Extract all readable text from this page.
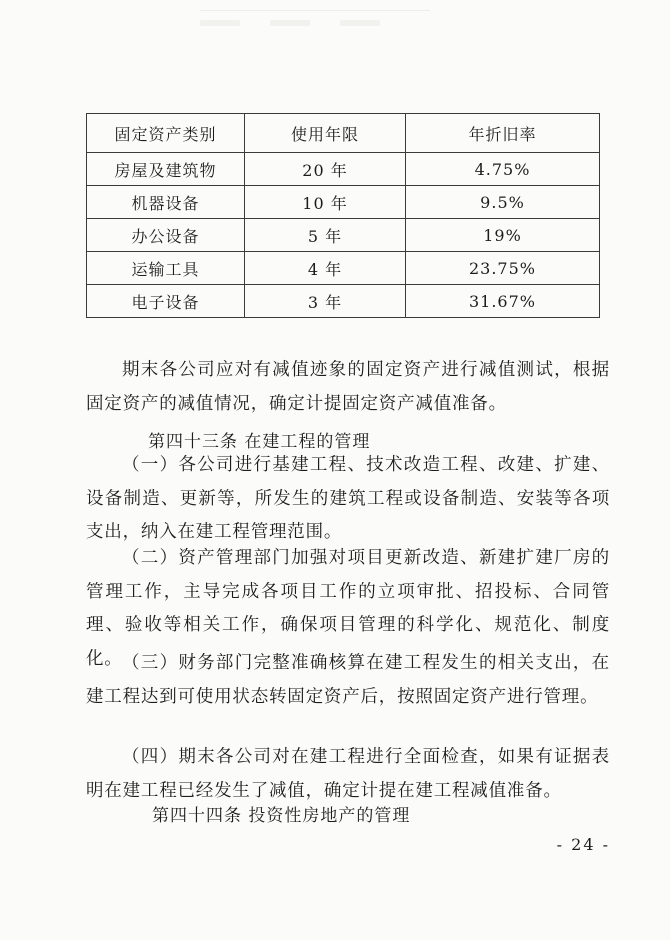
固定资产类别	使用年限	年折旧率
房屋及建筑物	20 年	4.75%
机器设备	10 年	9.5%
办公设备	5 年	19%
运输工具	4 年	23.75%
电子设备	3 年	31.67%

期末各公司应对有减值迹象的固定资产进行减值测试，根据固定资产的减值情况，确定计提固定资产减值准备。

第四十三条 在建工程的管理

（一）各公司进行基建工程、技术改造工程、改建、扩建、设备制造、更新等，所发生的建筑工程或设备制造、安装等各项支出，纳入在建工程管理范围。

（二）资产管理部门加强对项目更新改造、新建扩建厂房的管理工作，主导完成各项目工作的立项审批、招投标、合同管理、验收等相关工作，确保项目管理的科学化、规范化、制度化。 （三）财务部门完整准确核算在建工程发生的相关支出，在建工程达到可使用状态转固定资产后，按照固定资产进行管理。

（四）期末各公司对在建工程进行全面检查，如果有证据表明在建工程已经发生了减值，确定计提在建工程减值准备。

第四十四条 投资性房地产的管理

- 24 -
